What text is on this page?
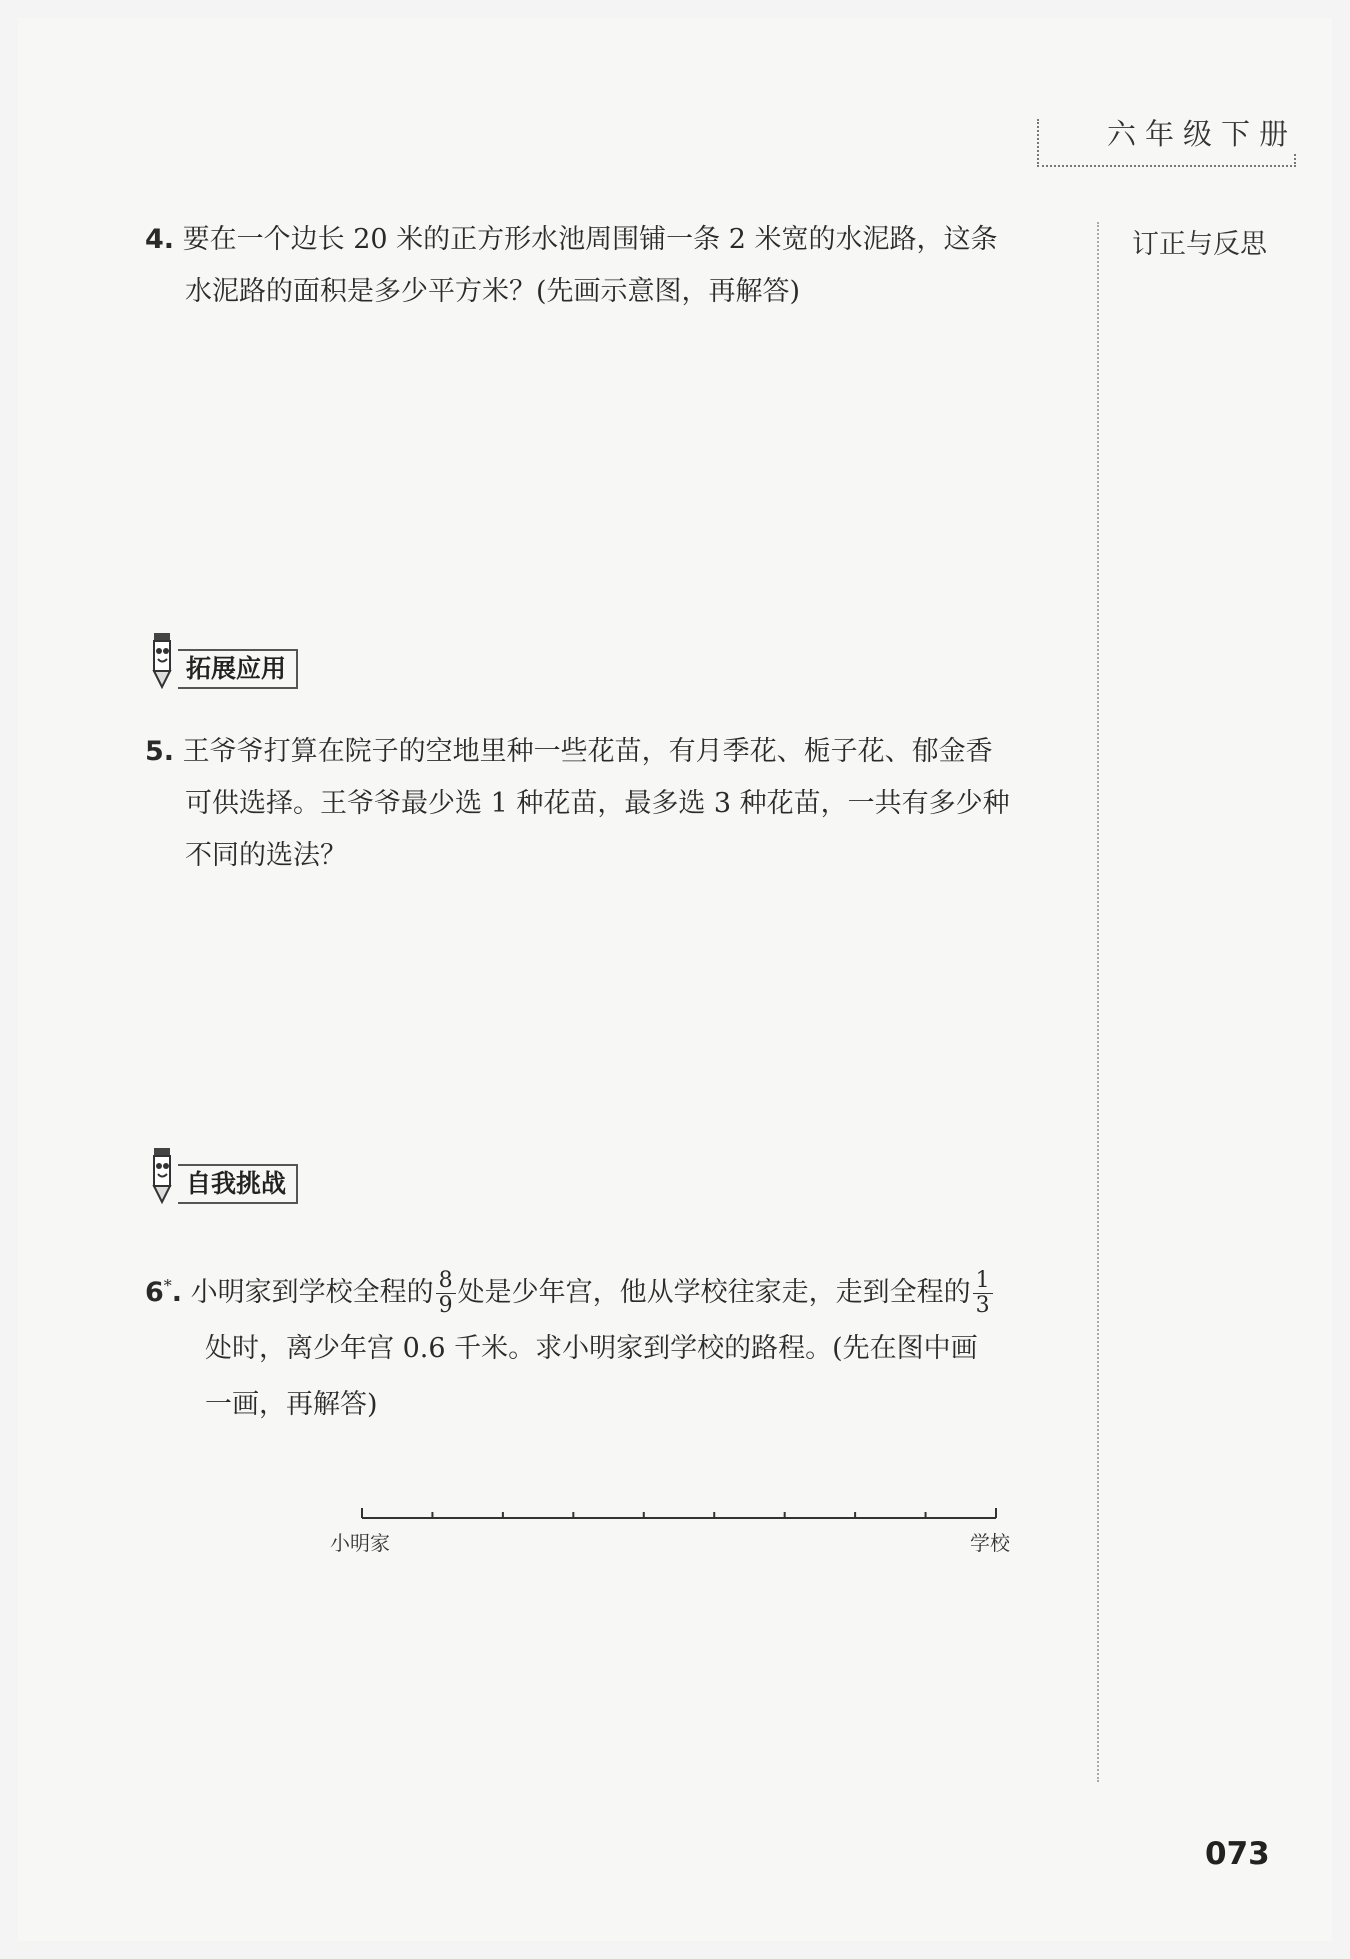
六年级下册
订正与反思
4. 要在一个边长 20 米的正方形水池周围铺一条 2 米宽的水泥路，这条
水泥路的面积是多少平方米？(先画示意图，再解答)
拓展应用
5. 王爷爷打算在院子的空地里种一些花苗，有月季花、栀子花、郁金香
可供选择。王爷爷最少选 1 种花苗，最多选 3 种花苗，一共有多少种
不同的选法？
自我挑战
6*. 小明家到学校全程的 $\frac{8}{9}$ 处是少年宫，他从学校往家走，走到全程的 $\frac{1}{3}$
处时，离少年宫 0.6 千米。求小明家到学校的路程。(先在图中画
一画，再解答)
小明家	学校
073
